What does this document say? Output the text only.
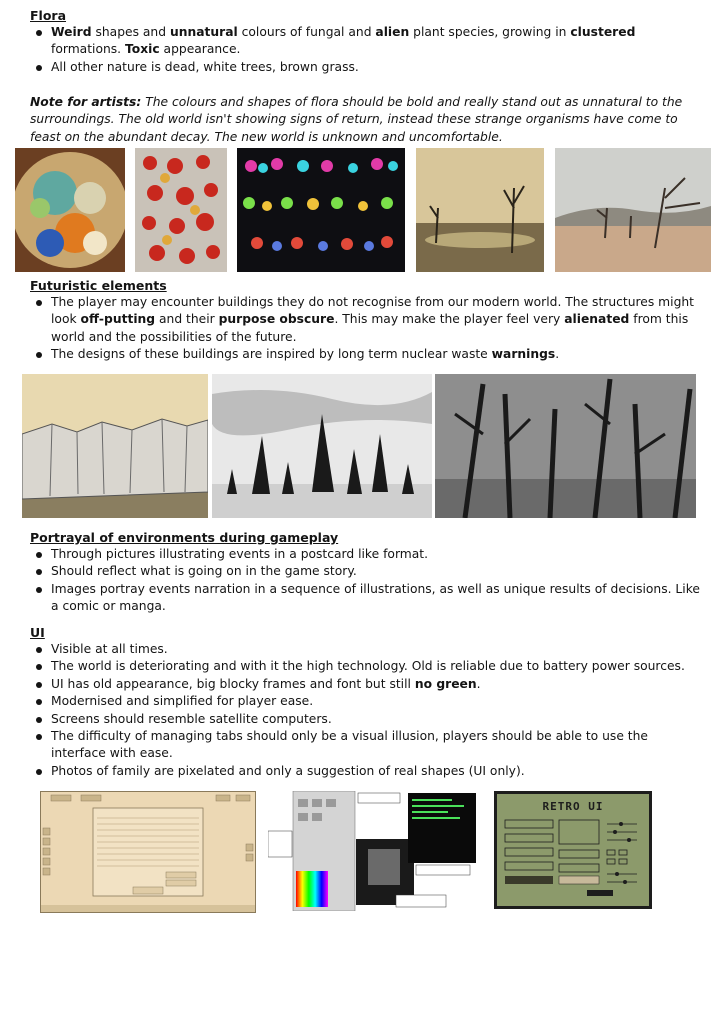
Flora
Weird shapes and unnatural colours of fungal and alien plant species, growing in clustered formations. Toxic appearance.
All other nature is dead, white trees, brown grass.

Note for artists: The colours and shapes of flora should be bold and really stand out as unnatural to the surroundings. The old world isn't showing signs of return, instead these strange organisms have come to feast on the abundant decay. The new world is unknown and uncomfortable.

Futuristic elements
The player may encounter buildings they do not recognise from our modern world. The structures might look off-putting and their purpose obscure. This may make the player feel very alienated from this world and the possibilities of the future.
The designs of these buildings are inspired by long term nuclear waste warnings.
Portrayal of environments during gameplay
Through pictures illustrating events in a postcard like format.
Should reflect what is going on in the game story.
Images portray events narration in a sequence of illustrations, as well as unique results of decisions. Like a comic or manga.
UI
Visible at all times.
The world is deteriorating and with it the high technology. Old is reliable due to battery power sources.
UI has old appearance, big blocky frames and font but still no green.
Modernised and simplified for player ease.
Screens should resemble satellite computers.
The difficulty of managing tabs should only be a visual illusion, players should be able to use the interface with ease.
Photos of family are pixelated and only a suggestion of real shapes (UI only).
RETRO UI
